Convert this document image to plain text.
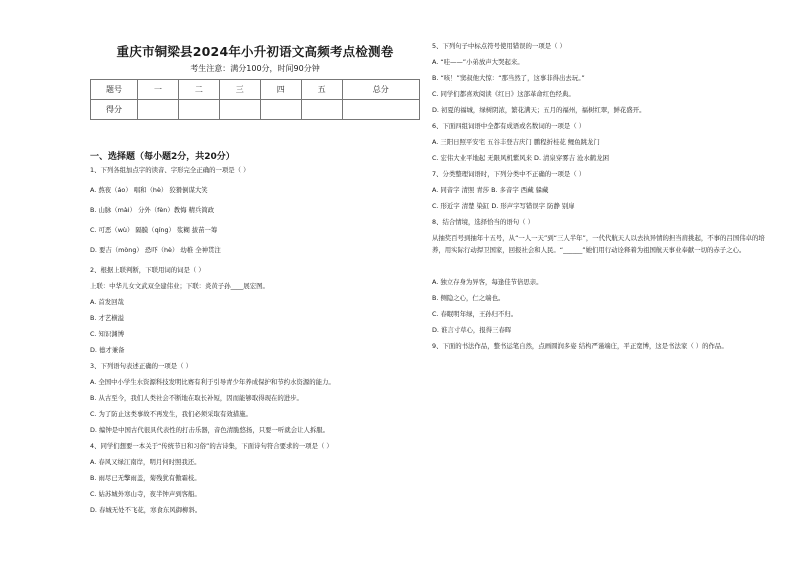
重庆市铜梁县2024年小升初语文高频考点检测卷
考生注意：满分100分，时间90分钟
题号	一	二	三	四	五	总分
得分						
一、选择题（每小题2分，共20分）
1、下列各组加点字的读音、字形完全正确的一项是（ ）
A. 熬夜（áo） 唱和（hè） 狡猾倒谋大笑
B. 山脉（mài） 分外（fèn）教悔 精兵简政
C. 可恶（wù） 隔膜（qíng） 浆糊 拔苗一筹
D. 要吉（mòng） 恐吓（hè） 幼稚 全神贯注
2、根据上联判断，下联用词的词是（ ）
上联：中华儿女文武双全建伟业；下联：炎黄子孙____展宏图。
A. 首发回哉
B. 才艺横溢
C. 知识渊博
D. 德才兼备
3、下列语句表述正确的一项是（ ）
A. 全国中小学生水资源科技发明比赛有利于引导青少年养成保护和节约水资源的能力。
B. 从古至今，我们人类社会不断地在取长补短，因而能够取得现在的进步。
C. 为了防止这类事故不再发生，我们必须采取有效措施。
D. 编钟是中国古代很具代表性的打击乐器，音色清脆悠扬，只要一听就会让人拆服。
4、同学们想要一本关于“传统节日和习俗”的古诗集，下面诗句符合要求的一项是（ ）
A. 春风又绿江南岸，明月何时照我还。
B. 雨尽已无擎雨盖，菊残犹有傲霜枝。
C. 姑苏城外寒山寺，夜半钟声到客船。
D. 春城无处不飞花，寒食东风御柳斜。
5、下列句子中标点符号使用错误的一项是（ ）
A. “哇——”小弟放声大哭起来。
B. “咳！”窦叔他大惊：“那当然了，这事非得出去玩。”
C. 同学们都喜欢阅读《红日》这部革命红色经典。
D. 初夏的福城，绿树阴浓，繁花满天；五月的福州，福树红翠，鲜花盛开。
6、下面四组词语中全都有成语或名数词的一项是（ ）
A. 三阳日照平安宅 五谷丰登吉庆门 鹏程折桂花 鲤鱼跳龙门
C. 宏伟大业平地起 无限风机紫风来 D. 清泉穿雾吉 沧水鹤龙困
7、分类整理词语时，下列分类中不正确的一项是（ ）
A. 同音字 清照 青莎 B. 多音字 西藏 躲藏
C. 形近字 清楚 染缸 D. 形声字写错误字 防静 别扉
8、结合情境，选择恰当的语句（ ）
从抽奖百号到抽年十五号，从“一人一天”到“三人半年”，一代代航天人以去执异情的担当肩挑起，不事的吕国伟卓的培养，用实际行动捍卫国家，回报社会和人民。“______”她们用行动诠释着为祖国航天事业奉献一切的赤子之心。
A. 独立存身为异客，每逢佳节倍思亲。
B. 侧隐之心，仁之端也。
C. 春眠明年绿，王孙归不归。
D. 谁言寸草心，报得三春晖
9、下面的书法作品，整书运笔自然，点画圆润多姿 结构严谨端庄，平正宽博，这是书法家（ ）的作品。
